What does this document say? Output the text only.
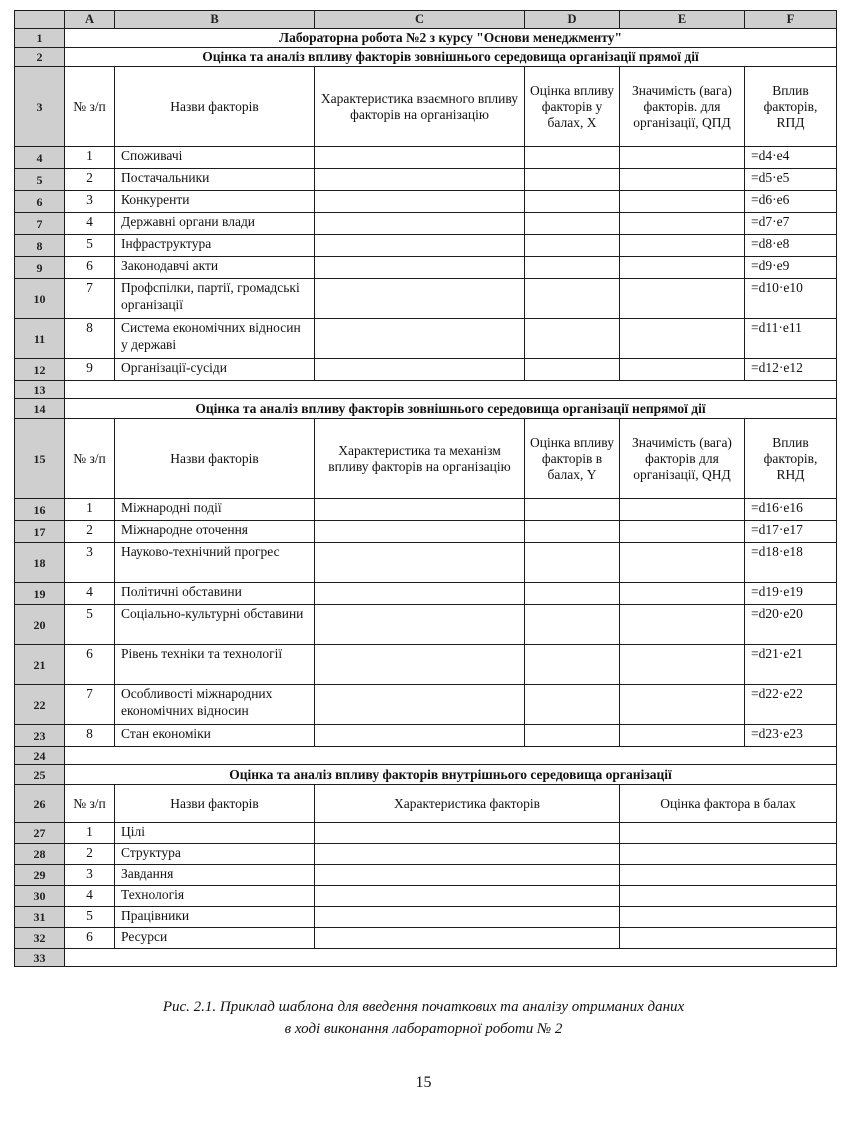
	A	B	C	D	E	F
1	Лабораторна робота №2 з курсу "Основи менеджменту"					
2	Оцінка та аналіз впливу факторів зовнішнього середовища організації прямої дії					
3	№ з/п	Назви факторів	Характеристика взаємного впливу факторів на організацію	Оцінка впливу факторів у балах, X	Значимість (вага) факторів. для організації, QПД	Вплив факторів, RПД
4	1	Споживачі				=d4·e4
5	2	Постачальники				=d5·e5
6	3	Конкуренти				=d6·e6
7	4	Державні органи влади				=d7·e7
8	5	Інфраструктура				=d8·e8
9	6	Законодавчі акти				=d9·e9
10	7	Профспілки, партії, громадські організації				=d10·e10
11	8	Система економічних відносин у державі				=d11·e11
12	9	Організації-сусіди				=d12·e12
13						
14	Оцінка та аналіз впливу факторів зовнішнього середовища організації непрямої дії					
15	№ з/п	Назви факторів	Характеристика та механізм впливу факторів на організацію	Оцінка впливу факторів в балах, Y	Значимість (вага) факторів для організації, QНД	Вплив факторів, RНД
16	1	Міжнародні події				=d16·e16
17	2	Міжнародне оточення				=d17·e17
18	3	Науково-технічний прогрес				=d18·e18
19	4	Політичні обставини				=d19·e19
20	5	Соціально-культурні обставини				=d20·e20
21	6	Рівень техніки та технології				=d21·e21
22	7	Особливості міжнародних економічних відносин				=d22·e22
23	8	Стан економіки				=d23·e23
24						
25	Оцінка та аналіз впливу факторів внутрішнього середовища організації					
26	№ з/п	Назви факторів	Характеристика факторів		Оцінка фактора в балах	
27	1	Цілі				
28	2	Структура				
29	3	Завдання				
30	4	Технологія				
31	5	Працівники				
32	6	Ресурси				
33						
Рис. 2.1. Приклад шаблона для введення початкових та аналізу отриманих даних
в ході виконання лабораторної роботи № 2
15
